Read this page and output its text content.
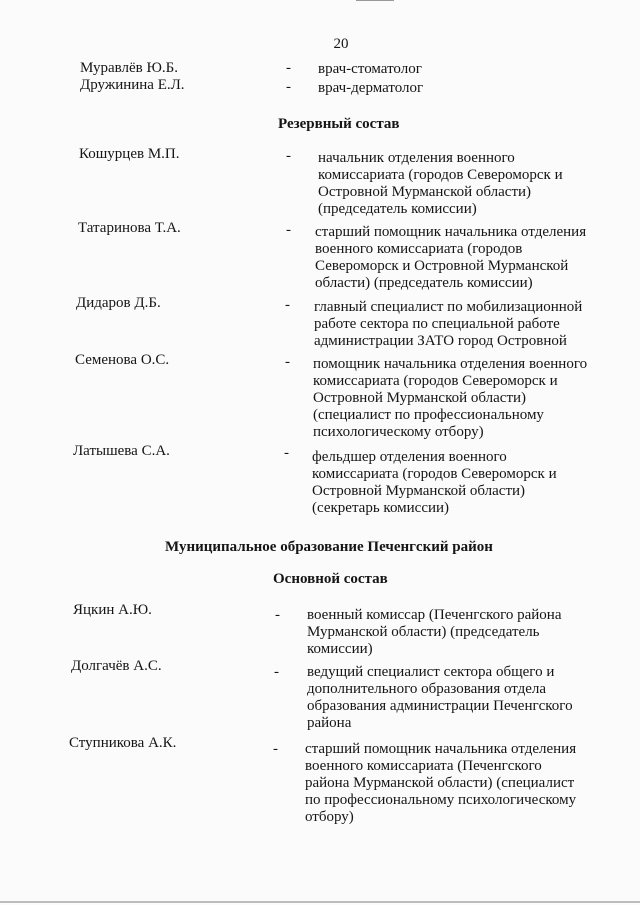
20
Муравлёв Ю.Б.	- врач-стоматолог
Дружинина Е.Л.	- врач-дерматолог
Резервный состав
Кошурцев М.П.	- начальник отделения военного
комиссариата (городов Североморск и
Островной Мурманской области)
(председатель комиссии)
Татаринова Т.А.	- старший помощник начальника отделения
военного комиссариата (городов
Североморск и Островной Мурманской
области) (председатель комиссии)
Дидаров Д.Б.	- главный специалист по мобилизационной
работе сектора по специальной работе
администрации ЗАТО город Островной
Семенова О.С.	- помощник начальника отделения военного
комиссариата (городов Североморск и
Островной Мурманской области)
(специалист по профессиональному
психологическому отбору)
Латышева С.А.	- фельдшер отделения военного
комиссариата (городов Североморск и
Островной Мурманской области)
(секретарь комиссии)
Муниципальное образование Печенгский район
Основной состав
Яцкин А.Ю.	- военный комиссар (Печенгского района
Мурманской области) (председатель
комиссии)
Долгачёв А.С.	- ведущий специалист сектора общего и
дополнительного образования отдела
образования администрации Печенгского
района
Ступникова А.К.	- старший помощник начальника отделения
военного комиссариата (Печенгского
района Мурманской области) (специалист
по профессиональному психологическому
отбору)
